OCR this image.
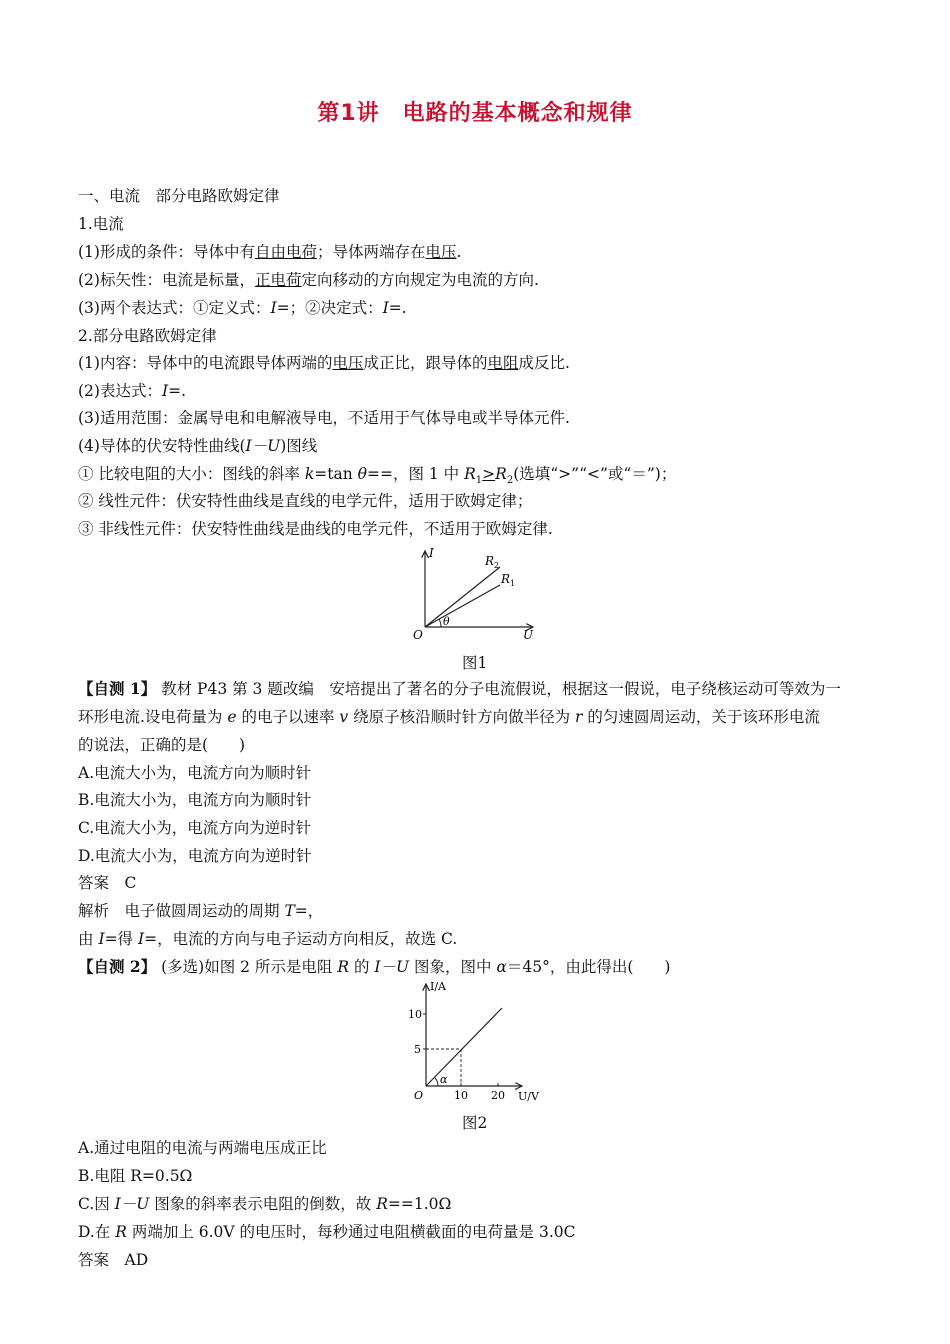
第1讲　电路的基本概念和规律
一、电流　部分电路欧姆定律
1.电流
(1)形成的条件：导体中有自由电荷；导体两端存在电压.
(2)标矢性：电流是标量，正电荷定向移动的方向规定为电流的方向.
(3)两个表达式：①定义式：I=；②决定式：I=.
2.部分电路欧姆定律
(1)内容：导体中的电流跟导体两端的电压成正比，跟导体的电阻成反比.
(2)表达式：I=.
(3)适用范围：金属导电和电解液导电，不适用于气体导电或半导体元件.
(4)导体的伏安特性曲线(I－U)图线
① 比较电阻的大小：图线的斜率 k=tan θ==，图 1 中 $R_1>R_2$(选填“>”“<”或“＝”)；
② 线性元件：伏安特性曲线是直线的电学元件，适用于欧姆定律；
③ 非线性元件：伏安特性曲线是曲线的电学元件，不适用于欧姆定律.
I
U
O
θ
$R_2$
$R_1$
图1
【自测 1】 教材 P43 第 3 题改编　安培提出了著名的分子电流假说，根据这一假说，电子绕核运动可等效为一
环形电流.设电荷量为 e 的电子以速率 v 绕原子核沿顺时针方向做半径为 r 的匀速圆周运动，关于该环形电流
的说法，正确的是(　　)
A.电流大小为，电流方向为顺时针
B.电流大小为，电流方向为顺时针
C.电流大小为，电流方向为逆时针
D.电流大小为，电流方向为逆时针
答案　C
解析　电子做圆周运动的周期 T=，
由 I=得 I=，电流的方向与电子运动方向相反，故选 C.
【自测 2】 (多选)如图 2 所示是电阻 R 的 I－U 图象，图中 α＝45°，由此得出(　　)
I/A
U/V
O
10
5
10 20
α
图2
A.通过电阻的电流与两端电压成正比
B.电阻 R=0.5Ω
C.因 I－U 图象的斜率表示电阻的倒数，故 R==1.0Ω
D.在 R 两端加上 6.0V 的电压时，每秒通过电阻横截面的电荷量是 3.0C
答案　AD
